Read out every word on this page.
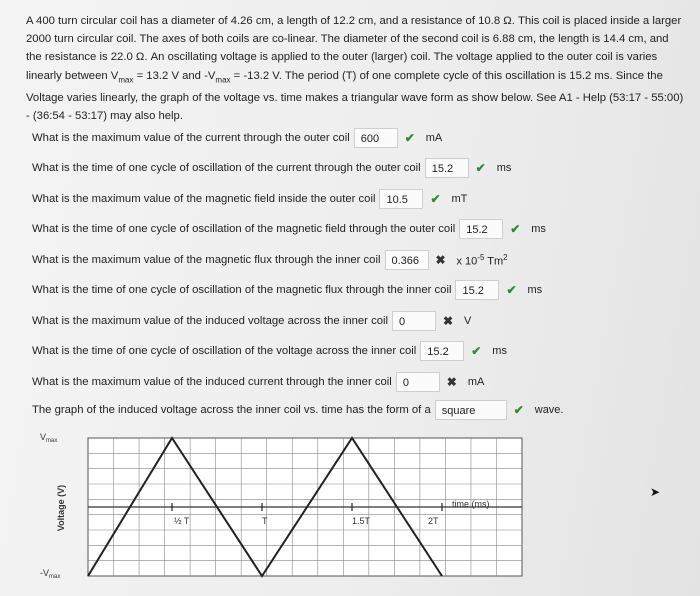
A 400 turn circular coil has a diameter of 4.26 cm, a length of 12.2 cm, and a resistance of 10.8 Ω. This coil is placed inside a larger 2000 turn circular coil. The axes of both coils are co-linear. The diameter of the second coil is 6.88 cm, the length is 14.4 cm, and the resistance is 22.0 Ω. An oscillating voltage is applied to the outer (larger) coil. The voltage applied to the outer coil is varies linearly between $V_{max} = 13.2$ V and $-V_{max} = -13.2$ V. The period (T) of one complete cycle of this oscillation is 15.2 ms. Since the Voltage varies linearly, the graph of the voltage vs. time makes a triangular wave form as show below. See A1 - Help (53:17 - 55:00) - (36:54 - 53:17) may also help.
What is the maximum value of the current through the outer coil	600	✔ mA
What is the time of one cycle of oscillation of the current through the outer coil	15.2	✔ ms
What is the maximum value of the magnetic field inside the outer coil	10.5	✔ mT
What is the time of one cycle of oscillation of the magnetic field through the outer coil	15.2	✔ ms
What is the maximum value of the magnetic flux through the inner coil	0.366	✖ x $10^{-5}$ Tm$^2$
What is the time of one cycle of oscillation of the magnetic flux through the inner coil	15.2	✔ ms
What is the maximum value of the induced voltage across the inner coil	0	✖ V
What is the time of one cycle of oscillation of the voltage across the inner coil	15.2	✔ ms
What is the maximum value of the induced current through the inner coil	0	✖ mA
The graph of the induced voltage across the inner coil vs. time has the form of a	square	✔ wave.
$V_{max}$
$-V_{max}$
Voltage (V)	time (ms)
½ T	T	1.5T	2T
➤
